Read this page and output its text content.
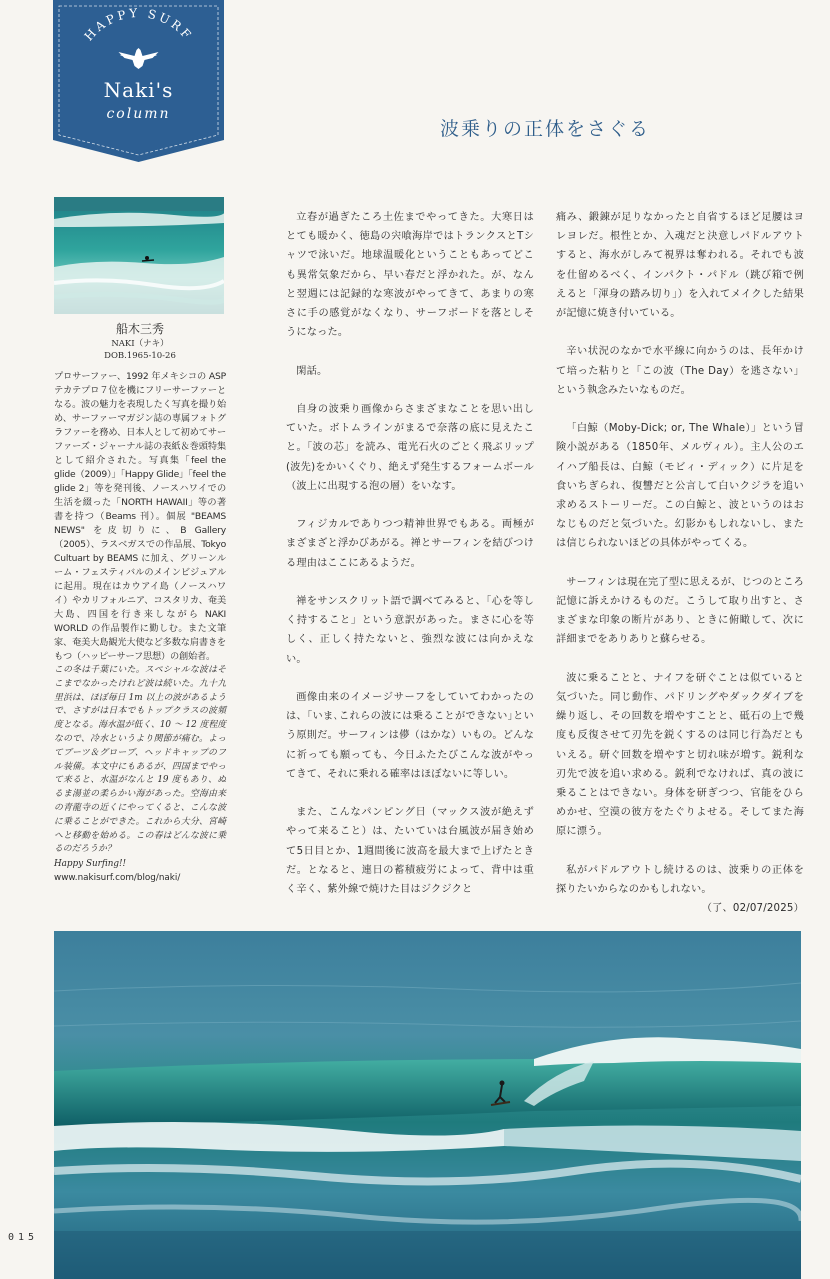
HAPPY SURF
Naki's
column
波乗りの正体をさぐる
船木三秀
NAKI（ナキ）
DOB.1965-10-26
プロサーファー、1992 年メキシコの ASP テカテプロ７位を機にフリーサーファーとなる。波の魅力を表現したく写真を撮り始め、サーファーマガジン誌の専属フォトグラファーを務め、日本人として初めてサーファーズ・ジャーナル誌の表紙＆巻頭特集として紹介された。写真集「feel the glide（2009）」「Happy Glide」「feel the glide 2」等を発刊後、ノースハワイでの生活を綴った「NORTH HAWAII」等の著書を持つ（Beams 刊）。個展 "BEAMS NEWS" を皮切りに、B Gallery（2005）、ラスベガスでの作品展、Tokyo Cultuart by BEAMS に加え、グリーンルーム・フェスティバルのメインビジュアルに起用。現在はカウアイ島（ノースハワイ）やカリフォルニア、コスタリカ、奄美大島、四国を行き来しながら NAKI WORLD の作品製作に勤しむ。また文筆家、奄美大島観光大使など多数な肩書きをもつ（ハッピーサーフ思想）の創始者。
この冬は千葉にいた。スペシャルな波はそこまでなかったけれど波は続いた。九十九里浜は、ほぼ毎日 1m 以上の波があるようで、さすがは日本でもトップクラスの波頻度となる。海水温が低く、10 〜 12 度程度なので、冷水というより関節が痛む。よってブーツ＆グローブ、ヘッドキャップのフル装備。本文中にもあるが、四国までやって来ると、水温がなんと 19 度もあり、ぬるま湯並の柔らかい海があった。空海由来の青龍寺の近くにやってくると、こんな波に乗ることができた。これから大分、宮崎へと移動を始める。この春はどんな波に乗るのだろうか？
Happy Surfing!!
www.nakisurf.com/blog/naki/

立春が過ぎたころ土佐までやってきた。大寒日はとても暖かく、徳島の宍喰海岸ではトランクスとTシャツで泳いだ。地球温暖化ということもあってどこも異常気象だから、早い春だと浮かれた。が、なんと翌週には記録的な寒波がやってきて、あまりの寒さに手の感覚がなくなり、サーフボードを落としそうになった。

閑話。

自身の波乗り画像からさまざまなことを思い出していた。ボトムラインがまるで奈落の底に見えたこと。「波の芯」を読み、電光石火のごとく飛ぶリップ(波先)をかいくぐり、絶えず発生するフォームボール（波上に出現する泡の層）をいなす。

フィジカルでありつつ精神世界でもある。両極がまざまざと浮かびあがる。禅とサーフィンを結びつける理由はここにあるようだ。

禅をサンスクリット語で調べてみると、「心を等しく持すること」という意訳があった。まさに心を等しく、正しく持たないと、強烈な波には向かえない。

画像由来のイメージサーフをしていてわかったのは、｢いま､これらの波には乗ることができない｣という原則だ。サーフィンは儚（はかな）いもの。どんなに祈っても願っても、今日ふたたびこんな波がやってきて、それに乗れる確率はほぼないに等しい。

また、こんなパンピング日（マックス波が絶えずやって来ること）は、たいていは台風波が届き始めて5日目とか、1週間後に波高を最大まで上げたときだ。となると、連日の蓄積疲労によって、背中は重く辛く、紫外線で焼けた目はジクジクと

痛み、鍛錬が足りなかったと自省するほど足腰はヨレヨレだ。根性とか、入魂だと決意しパドルアウトすると、海水がしみて視界は奪われる。それでも波を仕留めるべく、インパクト・パドル（跳び箱で例えると「渾身の踏み切り」）を入れてメイクした結果が記憶に焼き付いている。

辛い状況のなかで水平線に向かうのは、長年かけて培った粘りと「この波（The Day）を逃さない」という執念みたいなものだ。

「白鯨（Moby-Dick; or, The Whale）」という冒険小説がある（1850年、メルヴィル）。主人公のエイハブ船長は、白鯨（モビィ・ディック）に片足を食いちぎられ、復讐だと公言して白いクジラを追い求めるストーリーだ。この白鯨と、波というのはおなじものだと気づいた。幻影かもしれないし、または信じられないほどの具体がやってくる。

サーフィンは現在完了型に思えるが、じつのところ記憶に訴えかけるものだ。こうして取り出すと、さまざまな印象の断片があり、ときに俯瞰して、次に詳細までをありありと蘇らせる。

波に乗ることと、ナイフを研ぐことは似ていると気づいた。同じ動作、パドリングやダックダイブを繰り返し、その回数を増やすことと、砥石の上で幾度も反復させて刃先を鋭くするのは同じ行為だともいえる。研ぐ回数を増やすと切れ味が増す。鋭利な刃先で波を追い求める。鋭利でなければ、真の波に乗ることはできない。身体を研ぎつつ、官能をひらめかせ、空漠の彼方をたぐりよせる。そしてまた海原に漂う。

私がパドルアウトし続けるのは、波乗りの正体を探りたいからなのかもしれない。

（了、02/07/2025）
015
